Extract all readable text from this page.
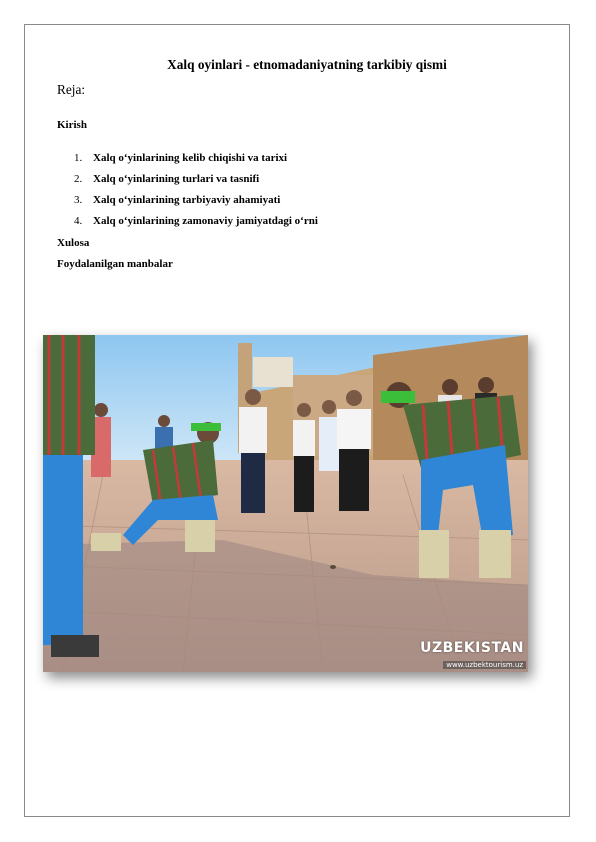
Xalq oyinlari - etnomadaniyatning tarkibiy qismi
Reja:
Kirish
1. Xalq o‘yinlarining kelib chiqishi va tarixi
2. Xalq o‘yinlarining turlari va tasnifi
3. Xalq o‘yinlarining tarbiyaviy ahamiyati
4. Xalq o‘yinlarining zamonaviy jamiyatdagi o‘rni
Xulosa
Foydalanilgan manbalar
UZBEKISTAN
www.uzbektourism.uz
